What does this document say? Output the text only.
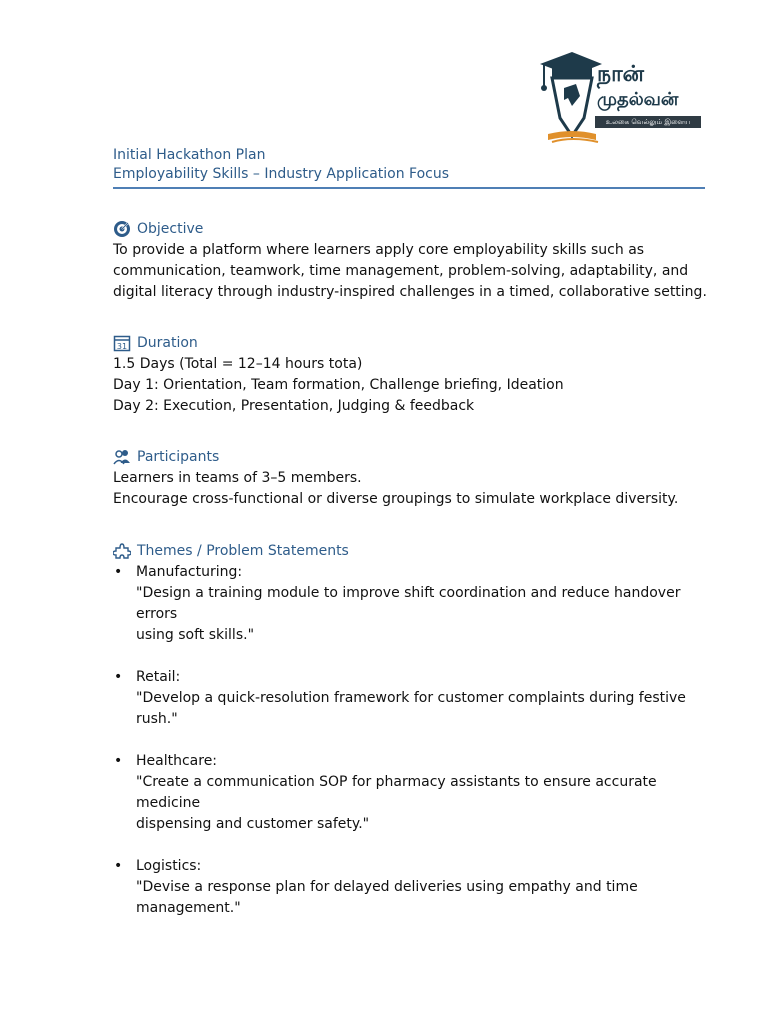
நான்
முதல்வன்
உலகை வெல்லும் இளைய தமிழகம்
Initial Hackathon Plan
Employability Skills – Industry Application Focus
Objective
To provide a platform where learners apply core employability skills such as
communication, teamwork, time management, problem-solving, adaptability, and
digital literacy through industry-inspired challenges in a timed, collaborative setting.
31 Duration
1.5 Days (Total = 12–14 hours tota)
Day 1: Orientation, Team formation, Challenge briefing, Ideation
Day 2: Execution, Presentation, Judging & feedback
Participants
Learners in teams of 3–5 members.
Encourage cross-functional or diverse groupings to simulate workplace diversity.
Themes / Problem Statements
• Manufacturing:
"Design a training module to improve shift coordination and reduce handover errors
using soft skills."
• Retail:
"Develop a quick-resolution framework for customer complaints during festive
rush."
• Healthcare:
"Create a communication SOP for pharmacy assistants to ensure accurate medicine
dispensing and customer safety."
• Logistics:
"Devise a response plan for delayed deliveries using empathy and time
management."
